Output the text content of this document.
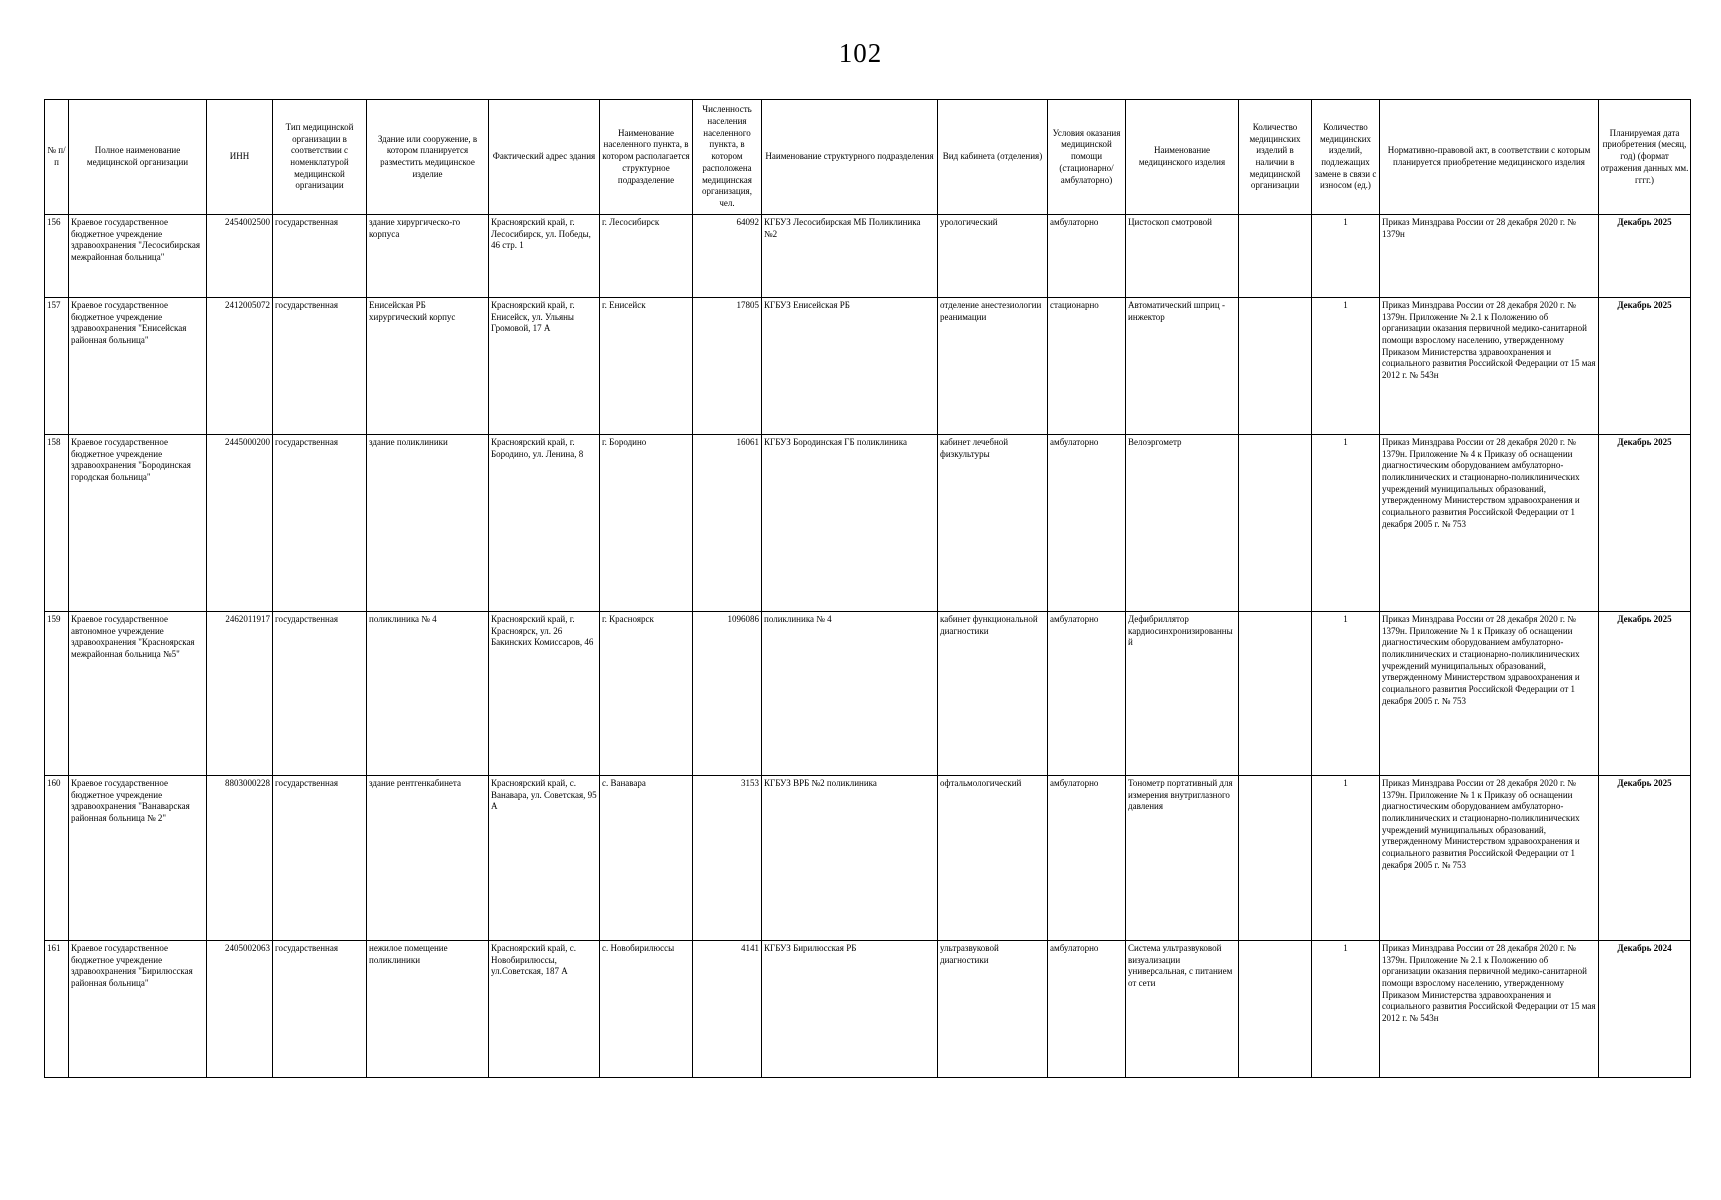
102
№ п/п	Полное наименование медицинской организации	ИНН	Тип медицинской организации в соответствии с номенклатурой медицинской организации	Здание или сооружение, в котором планируется разместить медицинское изделие	Фактический адрес здания	Наименование населенного пункта, в котором располагается структурное подразделение	Численность населения населенного пункта, в котором расположена медицинская организация, чел.	Наименование структурного подразделения	Вид кабинета (отделения)	Условия оказания медицинской помощи (стационарно/ амбулаторно)	Наименование медицинского изделия	Количество медицинских изделий в наличии в медицинской организации	Количество медицинских изделий, подлежащих замене в связи с износом (ед.)	Нормативно-правовой акт, в соответствии с которым планируется приобретение медицинского изделия	Планируемая дата приобретения (месяц, год) (формат отражения данных мм. гггг.)
156	Краевое государственное бюджетное учреждение здравоохранения "Лесосибирская межрайонная больница"	2454002500	государственная	здание хирургическо-го корпуса	Красноярский край, г. Лесосибирск, ул. Победы, 46 стр. 1	г. Лесосибирск	64092	КГБУЗ Лесосибирская МБ Поликлиника №2	урологический	амбулаторно	Цистоскоп смотровой		1	Приказ Минздрава России от 28 декабря 2020 г. № 1379н	Декабрь 2025
157	Краевое государственное бюджетное учреждение здравоохранения "Енисейская районная больница"	2412005072	государственная	Енисейская РБ хирургический корпус	Красноярский край, г. Енисейск, ул. Ульяны Громовой, 17 А	г. Енисейск	17805	КГБУЗ Енисейская РБ	отделение анестезиологии реанимации	стационарно	Автоматический шприц - инжектор		1	Приказ Минздрава России от 28 декабря 2020 г. № 1379н. Приложение № 2.1 к Положению об организации оказания первичной медико-санитарной помощи взрослому населению, утвержденному Приказом Министерства здравоохранения и социального развития Российской Федерации от 15 мая 2012 г. № 543н	Декабрь 2025
158	Краевое государственное бюджетное учреждение здравоохранения "Бородинская городская больница"	2445000200	государственная	здание поликлиники	Красноярский край, г. Бородино, ул. Ленина, 8	г. Бородино	16061	КГБУЗ Бородинская ГБ поликлиника	кабинет лечебной физкультуры	амбулаторно	Велоэргометр		1	Приказ Минздрава России от 28 декабря 2020 г. № 1379н. Приложение № 4 к Приказу об оснащении диагностическим оборудованием амбулаторно-поликлинических и стационарно-поликлинических учреждений муниципальных образований, утвержденному Министерством здравоохранения и социального развития Российской Федерации от 1 декабря 2005 г. № 753	Декабрь 2025
159	Краевое государственное автономное учреждение здравоохранения "Красноярская межрайонная больница №5"	2462011917	государственная	поликлиника № 4	Красноярский край, г. Красноярск, ул. 26 Бакинских Комиссаров, 46	г. Красноярск	1096086	поликлиника № 4	кабинет функциональной диагностики	амбулаторно	Дефибриллятор кардиосинхронизированный		1	Приказ Минздрава России от 28 декабря 2020 г. № 1379н. Приложение № 1 к Приказу об оснащении диагностическим оборудованием амбулаторно-поликлинических и стационарно-поликлинических учреждений муниципальных образований, утвержденному Министерством здравоохранения и социального развития Российской Федерации от 1 декабря 2005 г. № 753	Декабрь 2025
160	Краевое государственное бюджетное учреждение здравоохранения "Ванаварская районная больница № 2"	8803000228	государственная	здание рентгенкабинета	Красноярский край, с. Ванавара, ул. Советская, 95 А	с. Ванавара	3153	КГБУЗ ВРБ №2 поликлиника	офтальмологический	амбулаторно	Тонометр портативный для измерения внутриглазного давления		1	Приказ Минздрава России от 28 декабря 2020 г. № 1379н. Приложение № 1 к Приказу об оснащении диагностическим оборудованием амбулаторно-поликлинических и стационарно-поликлинических учреждений муниципальных образований, утвержденному Министерством здравоохранения и социального развития Российской Федерации от 1 декабря 2005 г. № 753	Декабрь 2025
161	Краевое государственное бюджетное учреждение здравоохранения "Бирилюсская районная больница"	2405002063	государственная	нежилое помещение поликлиники	Красноярский край, с. Новобирилюссы, ул.Советская, 187 А	с. Новобирилюссы	4141	КГБУЗ Бирилюсская РБ	ультразвуковой диагностики	амбулаторно	Система ультразвуковой визуализации универсальная, с питанием от сети		1	Приказ Минздрава России от 28 декабря 2020 г. № 1379н. Приложение № 2.1 к Положению об организации оказания первичной медико-санитарной помощи взрослому населению, утвержденному Приказом Министерства здравоохранения и социального развития Российской Федерации от 15 мая 2012 г. № 543н	Декабрь 2024
